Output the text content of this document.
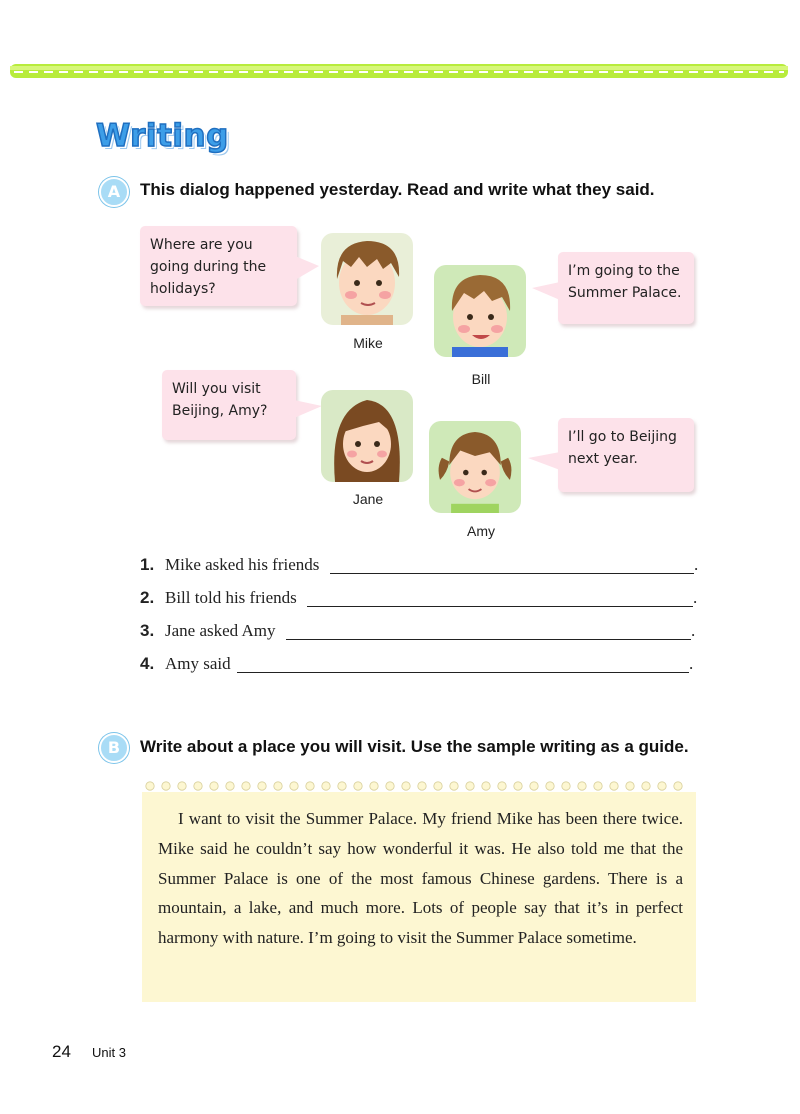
Writing
A	This dialog happened yesterday. Read and write what they said.
Where are you going during the holidays?
Mike
Bill
I’m going to the Summer Palace.
Will you visit Beijing, Amy?
Jane
Amy
I’ll go to Beijing next year.
1. Mike asked his friends	.
2. Bill told his friends	.
3. Jane asked Amy	.
4. Amy said	.
B	Write about a place you will visit. Use the sample writing as a guide.
I want to visit the Summer Palace. My friend Mike has been there twice. Mike said he couldn’t say how wonderful it was. He also told me that the Summer Palace is one of the most famous Chinese gardens. There is a mountain, a lake, and much more. Lots of people say that it’s in perfect harmony with nature. I’m going to visit the Summer Palace sometime.
24 Unit 3
